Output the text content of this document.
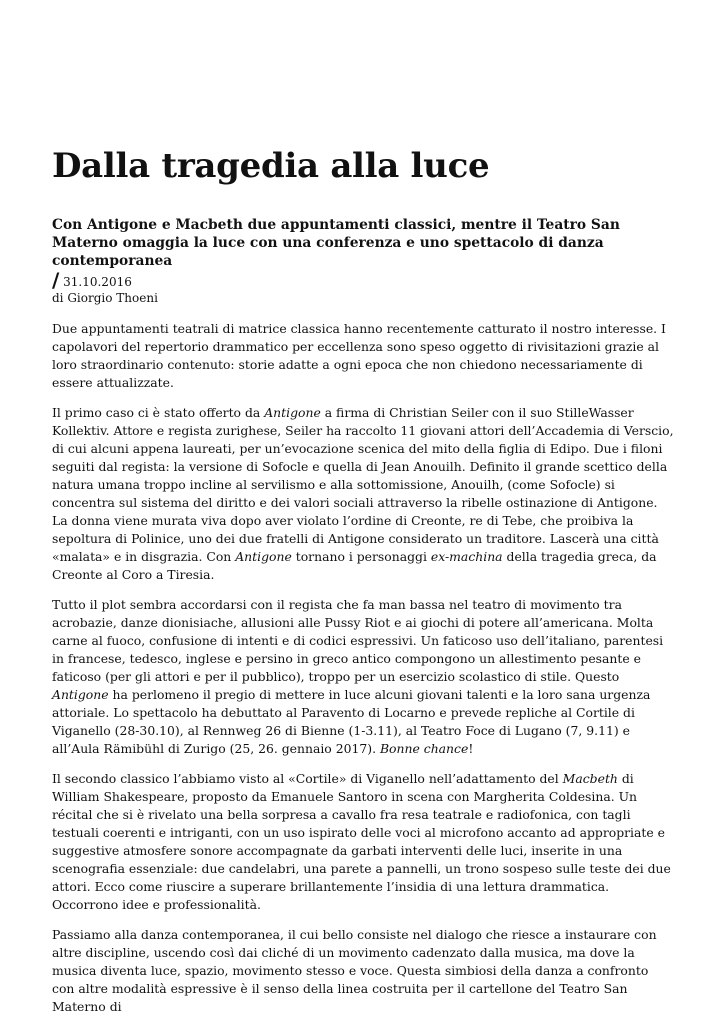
Dalla tragedia alla luce

Con Antigone e Macbeth due appuntamenti classici, mentre il Teatro San Materno omaggia la luce con una conferenza e uno spettacolo di danza contemporanea

/ 31.10.2016
di Giorgio Thoeni

Due appuntamenti teatrali di matrice classica hanno recentemente catturato il nostro interesse. I capolavori del repertorio drammatico per eccellenza sono speso oggetto di rivisitazioni grazie al loro straordinario contenuto: storie adatte a ogni epoca che non chiedono necessariamente di essere attualizzate.

Il primo caso ci è stato offerto da Antigone a firma di Christian Seiler con il suo StilleWasser Kollektiv. Attore e regista zurighese, Seiler ha raccolto 11 giovani attori dell’Accademia di Verscio, di cui alcuni appena laureati, per un’evocazione scenica del mito della figlia di Edipo. Due i filoni seguiti dal regista: la versione di Sofocle e quella di Jean Anouilh. Definito il grande scettico della natura umana troppo incline al servilismo e alla sottomissione, Anouilh, (come Sofocle) si concentra sul sistema del diritto e dei valori sociali attraverso la ribelle ostinazione di Antigone. La donna viene murata viva dopo aver violato l’ordine di Creonte, re di Tebe, che proibiva la sepoltura di Polinice, uno dei due fratelli di Antigone considerato un traditore. Lascerà una città «malata» e in disgrazia. Con Antigone tornano i personaggi ex-machina della tragedia greca, da Creonte al Coro a Tiresia.

Tutto il plot sembra accordarsi con il regista che fa man bassa nel teatro di movimento tra acrobazie, danze dionisiache, allusioni alle Pussy Riot e ai giochi di potere all’americana. Molta carne al fuoco, confusione di intenti e di codici espressivi. Un faticoso uso dell’italiano, parentesi in francese, tedesco, inglese e persino in greco antico compongono un allestimento pesante e faticoso (per gli attori e per il pubblico), troppo per un esercizio scolastico di stile. Questo Antigone ha perlomeno il pregio di mettere in luce alcuni giovani talenti e la loro sana urgenza attoriale. Lo spettacolo ha debuttato al Paravento di Locarno e prevede repliche al Cortile di Viganello (28-30.10), al Rennweg 26 di Bienne (1-3.11), al Teatro Foce di Lugano (7, 9.11) e all’Aula Rämibühl di Zurigo (25, 26. gennaio 2017). Bonne chance!

Il secondo classico l’abbiamo visto al «Cortile» di Viganello nell’adattamento del Macbeth di William Shakespeare, proposto da Emanuele Santoro in scena con Margherita Coldesina. Un récital che si è rivelato una bella sorpresa a cavallo fra resa teatrale e radiofonica, con tagli testuali coerenti e intriganti, con un uso ispirato delle voci al microfono accanto ad appropriate e suggestive atmosfere sonore accompagnate da garbati interventi delle luci, inserite in una scenografia essenziale: due candelabri, una parete a pannelli, un trono sospeso sulle teste dei due attori. Ecco come riuscire a superare brillantemente l’insidia di una lettura drammatica. Occorrono idee e professionalità.

Passiamo alla danza contemporanea, il cui bello consiste nel dialogo che riesce a instaurare con altre discipline, uscendo così dai cliché di un movimento cadenzato dalla musica, ma dove la musica diventa luce, spazio, movimento stesso e voce. Questa simbiosi della danza a confronto con altre modalità espressive è il senso della linea costruita per il cartellone del Teatro San Materno di
